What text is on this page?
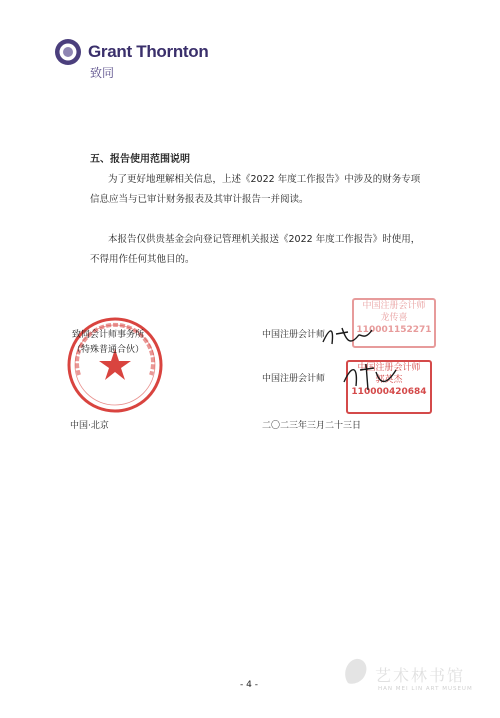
Grant Thornton
致同
五、报告使用范围说明
为了更好地理解相关信息，上述《2022 年度工作报告》中涉及的财务专项
信息应当与已审计财务报表及其审计报告一并阅读。
本报告仅供贵基金会向登记管理机关报送《2022 年度工作报告》时使用，
不得用作任何其他目的。
致同会计师事务所
（特殊普通合伙）
中国·北京
中国注册会计师
中国注册会计师
二〇二三年三月二十三日
中国注册会计师
龙传喜
110001152271
中国注册会计师
郭英杰
110000420684
- 4 -	艺术林书馆
HAN MEI LIN ART MUSEUM
